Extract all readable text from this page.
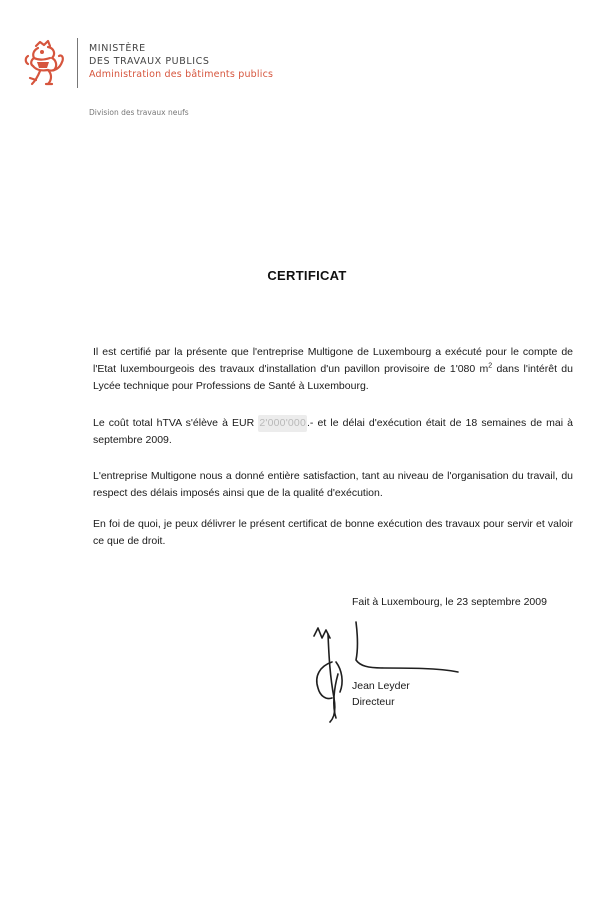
MINISTÈRE
DES TRAVAUX PUBLICS
Administration des bâtiments publics
Division des travaux neufs
CERTIFICAT
Il est certifié par la présente que l'entreprise Multigone de Luxembourg a exécuté pour le compte de l'Etat luxembourgeois des travaux d'installation d'un pavillon provisoire de 1'080 $m^2$ dans l'intérêt du Lycée technique pour Professions de Santé à Luxembourg.
Le coût total hTVA s'élève à EUR 2'000'000.- et le délai d'exécution était de 18 semaines de mai à septembre 2009.
L'entreprise Multigone nous a donné entière satisfaction, tant au niveau de l'organisation du travail, du respect des délais imposés ainsi que de la qualité d'exécution.
En foi de quoi, je peux délivrer le présent certificat de bonne exécution des travaux pour servir et valoir ce que de droit.
Fait à Luxembourg, le 23 septembre 2009
Jean Leyder
Directeur
